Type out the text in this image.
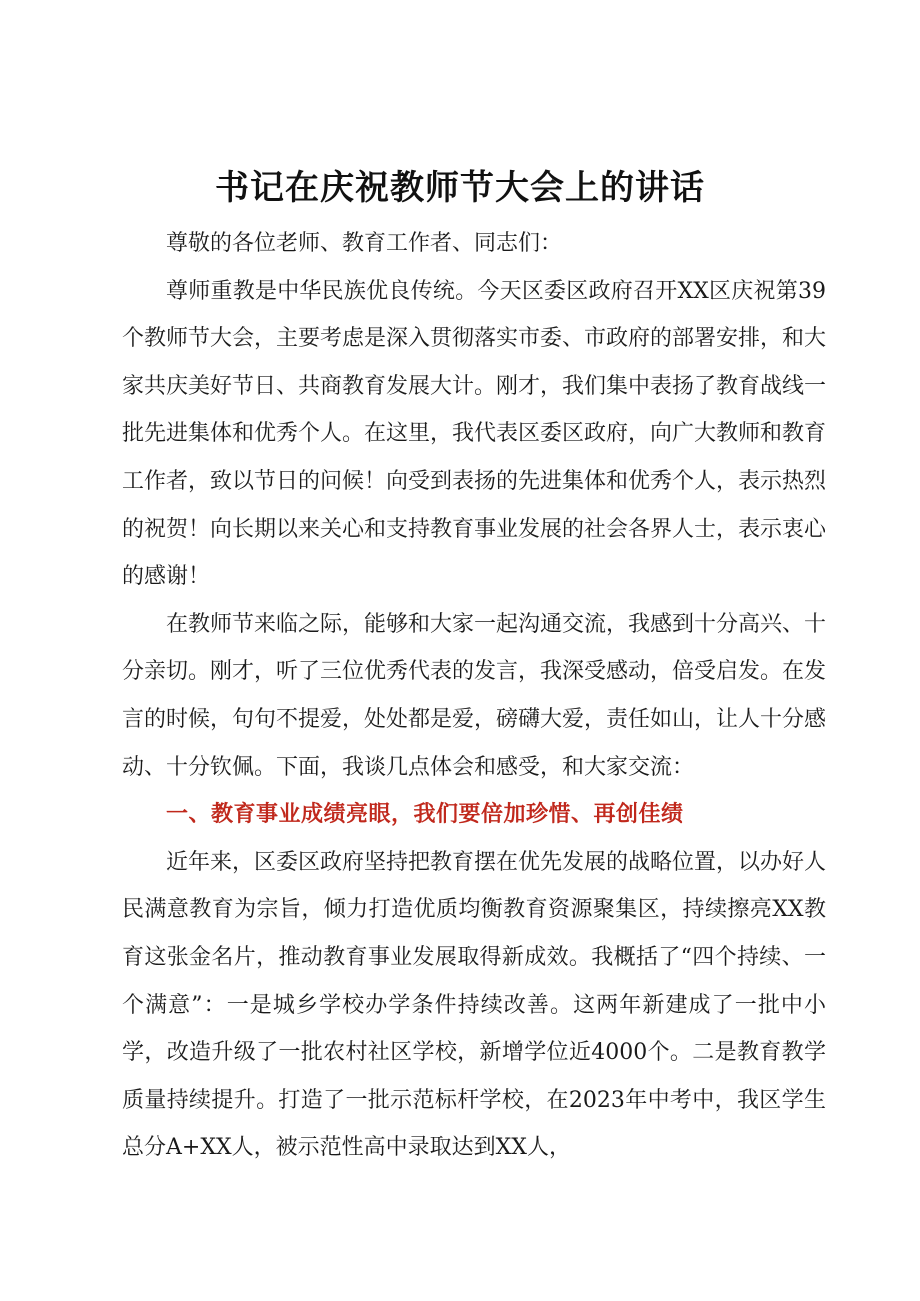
书记在庆祝教师节大会上的讲话

尊敬的各位老师、教育工作者、同志们：

尊师重教是中华民族优良传统。今天区委区政府召开XX区庆祝第39个教师节大会，主要考虑是深入贯彻落实市委、市政府的部署安排，和大家共庆美好节日、共商教育发展大计。刚才，我们集中表扬了教育战线一批先进集体和优秀个人。在这里，我代表区委区政府，向广大教师和教育工作者，致以节日的问候！向受到表扬的先进集体和优秀个人，表示热烈的祝贺！向长期以来关心和支持教育事业发展的社会各界人士，表示衷心的感谢！

在教师节来临之际，能够和大家一起沟通交流，我感到十分高兴、十分亲切。刚才，听了三位优秀代表的发言，我深受感动，倍受启发。在发言的时候，句句不提爱，处处都是爱，磅礴大爱，责任如山，让人十分感动、十分钦佩。下面，我谈几点体会和感受，和大家交流：

一、教育事业成绩亮眼，我们要倍加珍惜、再创佳绩

近年来，区委区政府坚持把教育摆在优先发展的战略位置，以办好人民满意教育为宗旨，倾力打造优质均衡教育资源聚集区，持续擦亮XX教育这张金名片，推动教育事业发展取得新成效。我概括了“四个持续、一个满意”：一是城乡学校办学条件持续改善。这两年新建成了一批中小学，改造升级了一批农村社区学校，新增学位近4000个。二是教育教学质量持续提升。打造了一批示范标杆学校，在2023年中考中，我区学生总分A+XX人，被示范性高中录取达到XX人，
